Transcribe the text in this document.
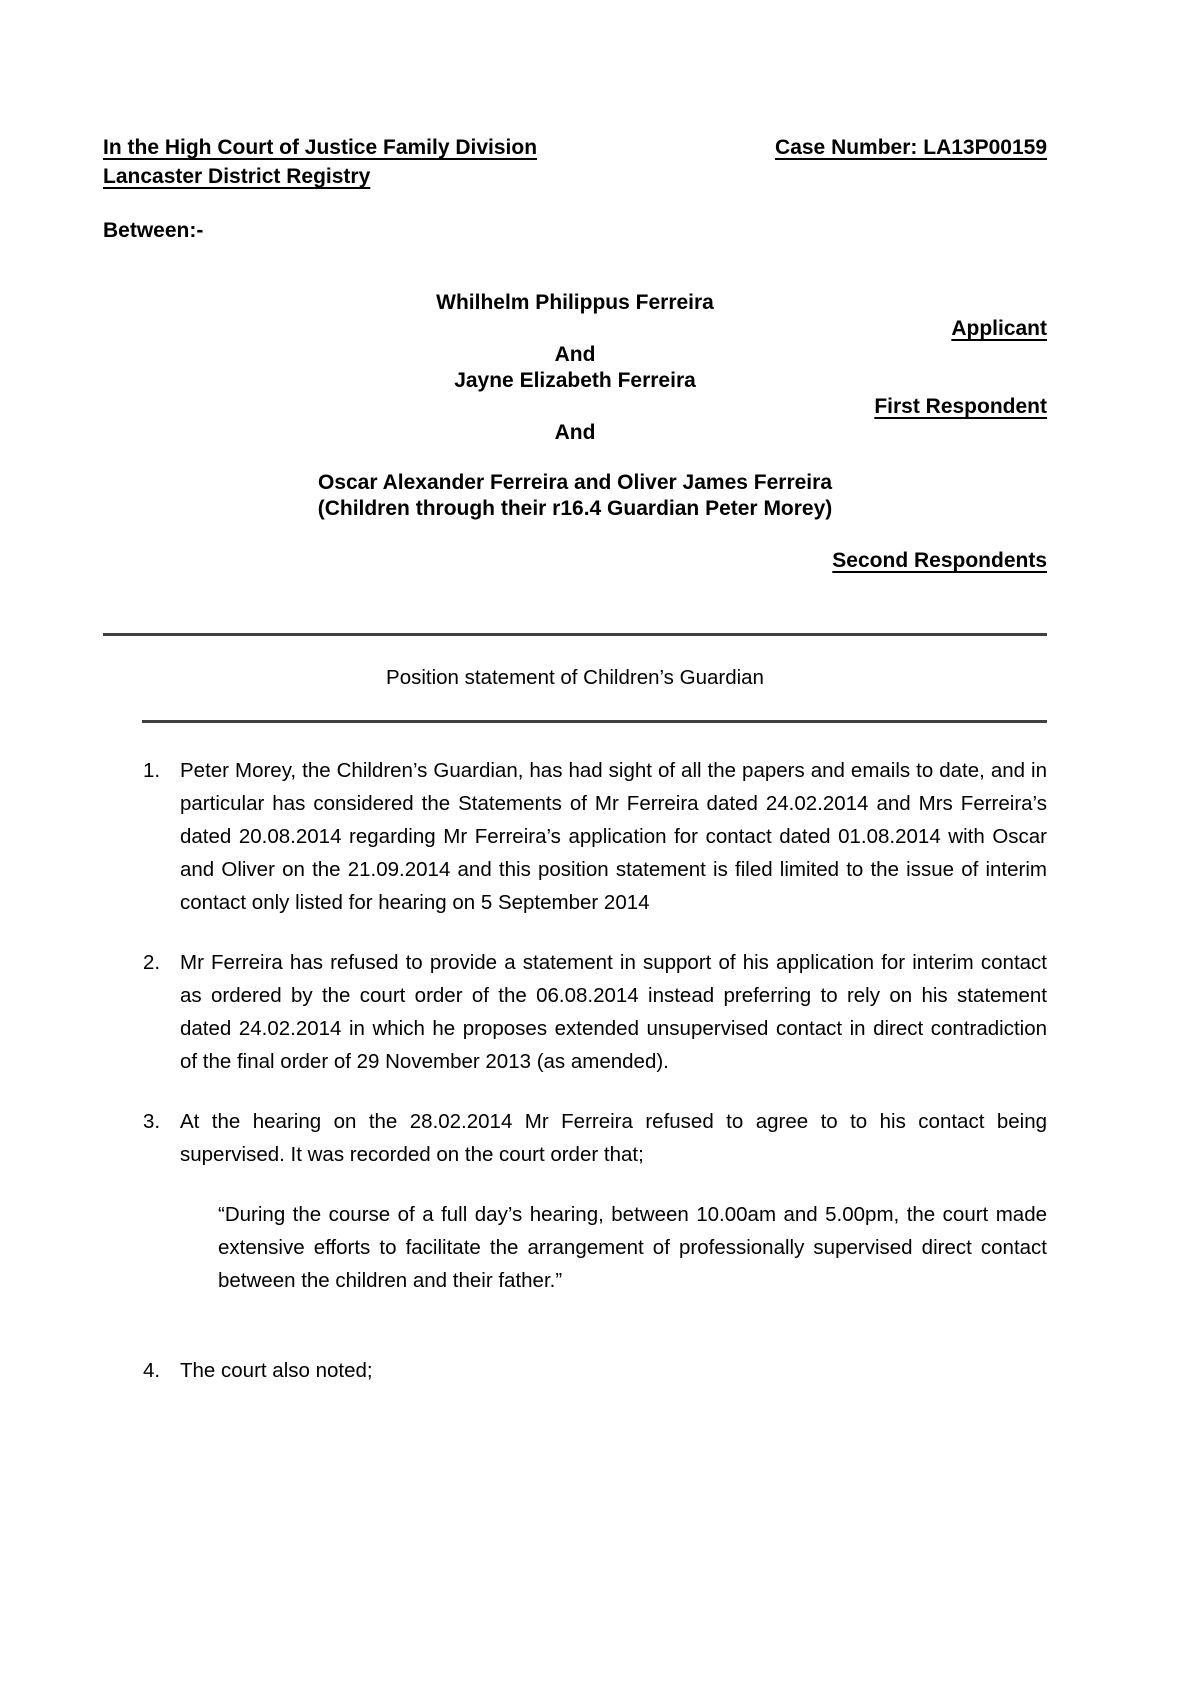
In the High Court of Justice Family Division
Lancaster District Registry
Case Number: LA13P00159
Between:-
Whilhelm Philippus Ferreira
Applicant
And
Jayne Elizabeth Ferreira
First Respondent
And
Oscar Alexander Ferreira and Oliver James Ferreira
(Children through their r16.4 Guardian Peter Morey)
Second Respondents
Position statement of Children’s Guardian
1. Peter Morey, the Children’s Guardian, has had sight of all the papers and emails to date, and in particular has considered the Statements of Mr Ferreira dated 24.02.2014 and Mrs Ferreira’s dated 20.08.2014 regarding Mr Ferreira’s application for contact dated 01.08.2014 with Oscar and Oliver on the 21.09.2014 and this position statement is filed limited to the issue of interim contact only listed for hearing on 5 September 2014
2. Mr Ferreira has refused to provide a statement in support of his application for interim contact as ordered by the court order of the 06.08.2014 instead preferring to rely on his statement dated 24.02.2014 in which he proposes extended unsupervised contact in direct contradiction of the final order of 29 November 2013 (as amended).
3. At the hearing on the 28.02.2014 Mr Ferreira refused to agree to to his contact being supervised. It was recorded on the court order that;
“During the course of a full day’s hearing, between 10.00am and 5.00pm, the court made extensive efforts to facilitate the arrangement of professionally supervised direct contact between the children and their father.”
4. The court also noted;
